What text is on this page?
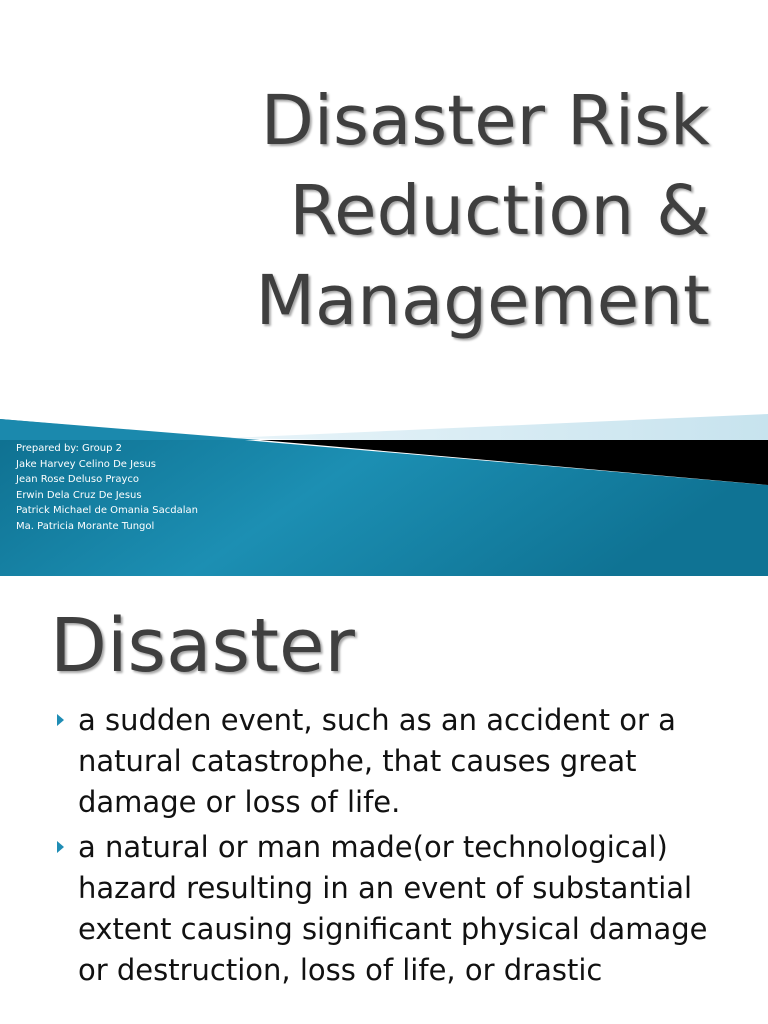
Disaster Risk
Reduction &
Management
Prepared by: Group 2
Jake Harvey Celino De Jesus
Jean Rose Deluso Prayco
Erwin Dela Cruz De Jesus
Patrick Michael de Omania Sacdalan
Ma. Patricia Morante Tungol
Disaster
a sudden event, such as an accident or a natural catastrophe, that causes great damage or loss of life.
a natural or man made(or technological) hazard resulting in an event of substantial extent causing significant physical damage or destruction, loss of life, or drastic
